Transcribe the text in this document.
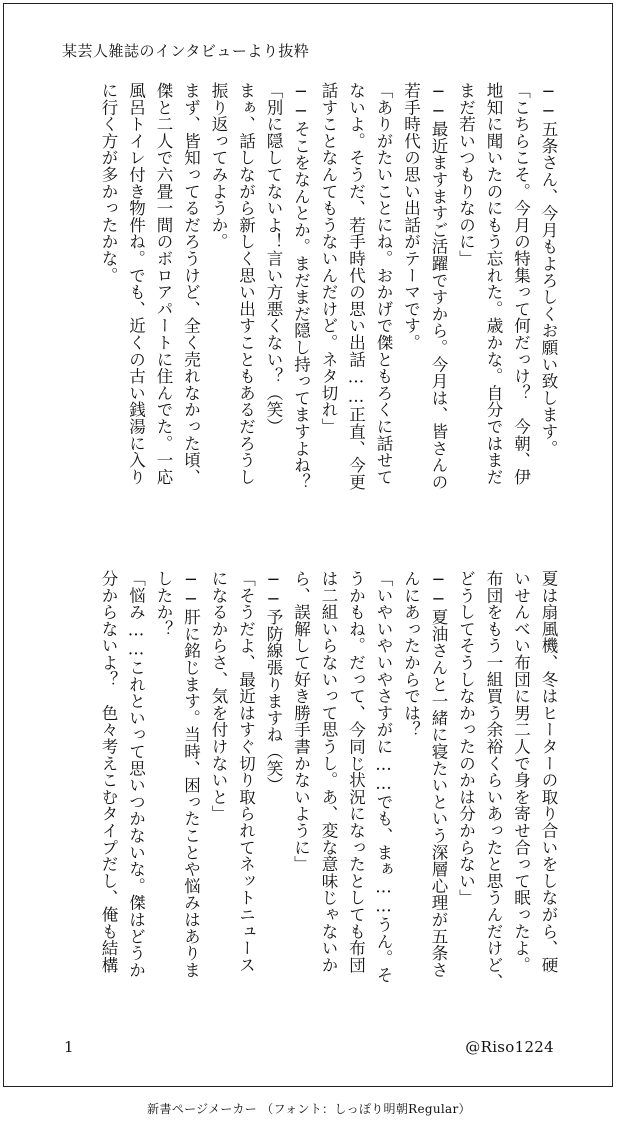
某芸人雑誌のインタビューより抜粋
──五条さん、今月もよろしくお願い致します。
「こちらこそ。今月の特集って何だっけ？　今朝、伊
地知に聞いたのにもう忘れた。歳かな。自分ではまだ
まだ若いつもりなのに」
──最近ますますご活躍ですから。今月は、皆さんの
若手時代の思い出話がテーマです。
「ありがたいことにね。おかげで傑ともろくに話せて
ないよ。そうだ、若手時代の思い出話……正直、今更
話すことなんてもうないんだけど。ネタ切れ」
──そこをなんとか。まだまだ隠し持ってますよね？
「別に隠してないよ！言い方悪くない？（笑）
まぁ、話しながら新しく思い出すこともあるだろうし
振り返ってみようか。
まず、皆知ってるだろうけど、全く売れなかった頃、
傑と二人で六畳一間のボロアパートに住んでた。一応
風呂トイレ付き物件ね。でも、近くの古い銭湯に入り
に行く方が多かったかな。
夏は扇風機、冬はヒーターの取り合いをしながら、硬
いせんべい布団に男二人で身を寄せ合って眠ったよ。
布団をもう一組買う余裕くらいあったと思うんだけど、
どうしてそうしなかったのかは分からない」
──夏油さんと一緒に寝たいという深層心理が五条さ
んにあったからでは？
「いやいやいやさすがに……でも、まぁ……うん。そ
うかもね。だって、今同じ状況になったとしても布団
は二組いらないって思うし。あ、変な意味じゃないか
ら、誤解して好き勝手書かないように」
──予防線張りますね（笑）
「そうだよ、最近はすぐ切り取られてネットニュース
になるからさ、気を付けないと」
──肝に銘じます。当時、困ったことや悩みはありま
したか？
「悩み……これといって思いつかないな。傑はどうか
分からないよ？　色々考えこむタイプだし、俺も結構
1	@Riso1224
新書ページメーカー （フォント：しっぽり明朝Regular）
